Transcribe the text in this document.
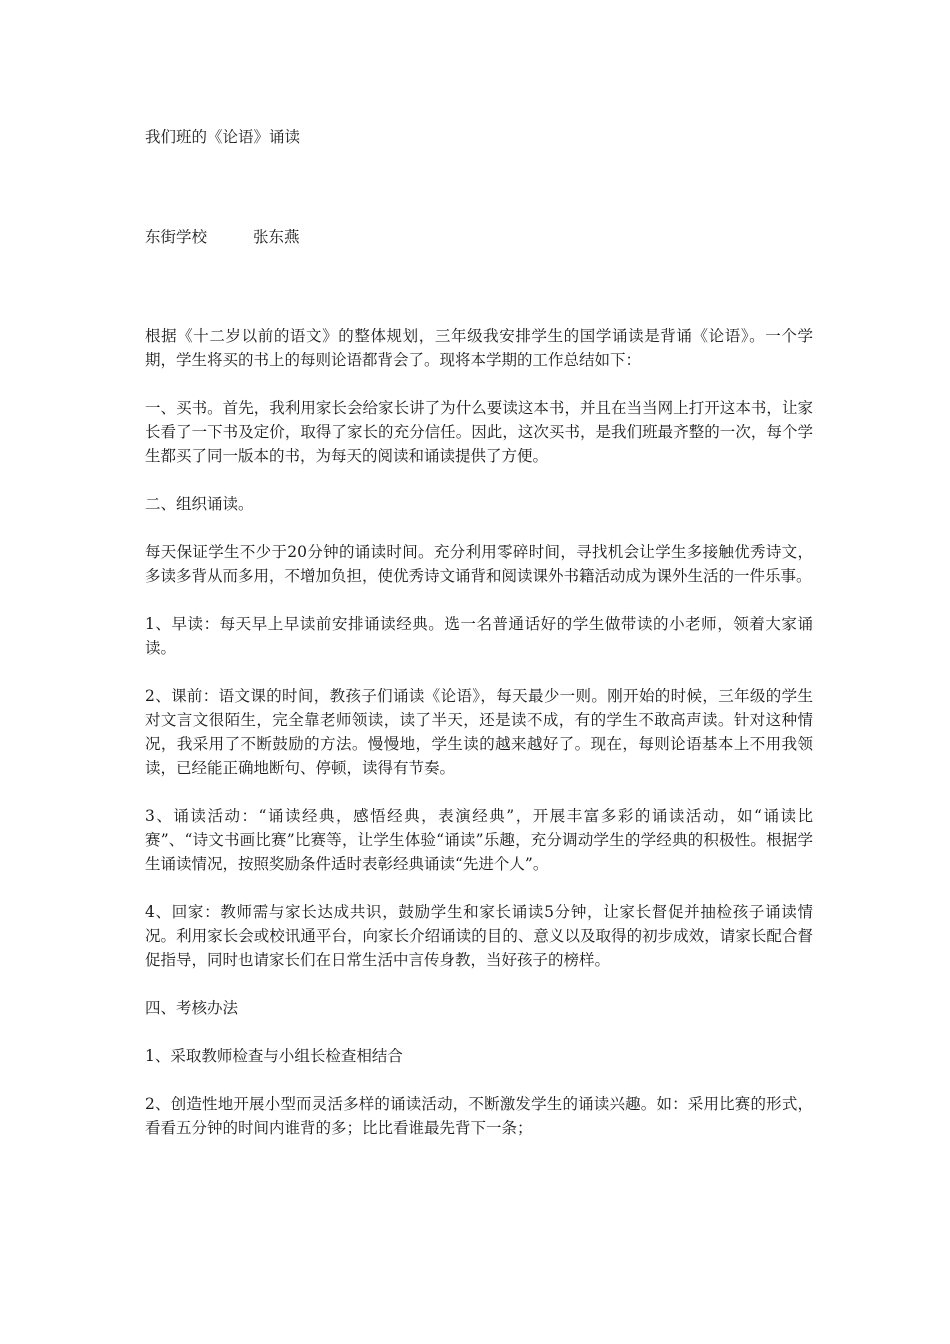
我们班的《论语》诵读
东街学校	张东燕

根据《十二岁以前的语文》的整体规划，三年级我安排学生的国学诵读是背诵《论语》。一个学期，学生将买的书上的每则论语都背会了。现将本学期的工作总结如下：

一、买书。首先，我利用家长会给家长讲了为什么要读这本书，并且在当当网上打开这本书，让家长看了一下书及定价，取得了家长的充分信任。因此，这次买书，是我们班最齐整的一次，每个学生都买了同一版本的书，为每天的阅读和诵读提供了方便。

二、组织诵读。

每天保证学生不少于20分钟的诵读时间。充分利用零碎时间，寻找机会让学生多接触优秀诗文，多读多背从而多用，不增加负担，使优秀诗文诵背和阅读课外书籍活动成为课外生活的一件乐事。

1、早读：每天早上早读前安排诵读经典。选一名普通话好的学生做带读的小老师，领着大家诵读。

2、课前：语文课的时间，教孩子们诵读《论语》，每天最少一则。刚开始的时候，三年级的学生对文言文很陌生，完全靠老师领读，读了半天，还是读不成，有的学生不敢高声读。针对这种情况，我采用了不断鼓励的方法。慢慢地，学生读的越来越好了。现在，每则论语基本上不用我领读，已经能正确地断句、停顿，读得有节奏。

3、诵读活动：“诵读经典，感悟经典，表演经典”，开展丰富多彩的诵读活动，如“诵读比赛”、“诗文书画比赛”比赛等，让学生体验“诵读”乐趣，充分调动学生的学经典的积极性。根据学生诵读情况，按照奖励条件适时表彰经典诵读“先进个人”。

4、回家：教师需与家长达成共识，鼓励学生和家长诵读5分钟，让家长督促并抽检孩子诵读情况。利用家长会或校讯通平台，向家长介绍诵读的目的、意义以及取得的初步成效，请家长配合督促指导，同时也请家长们在日常生活中言传身教，当好孩子的榜样。

四、考核办法

1、采取教师检查与小组长检查相结合

2、创造性地开展小型而灵活多样的诵读活动，不断激发学生的诵读兴趣。如：采用比赛的形式，看看五分钟的时间内谁背的多；比比看谁最先背下一条；
